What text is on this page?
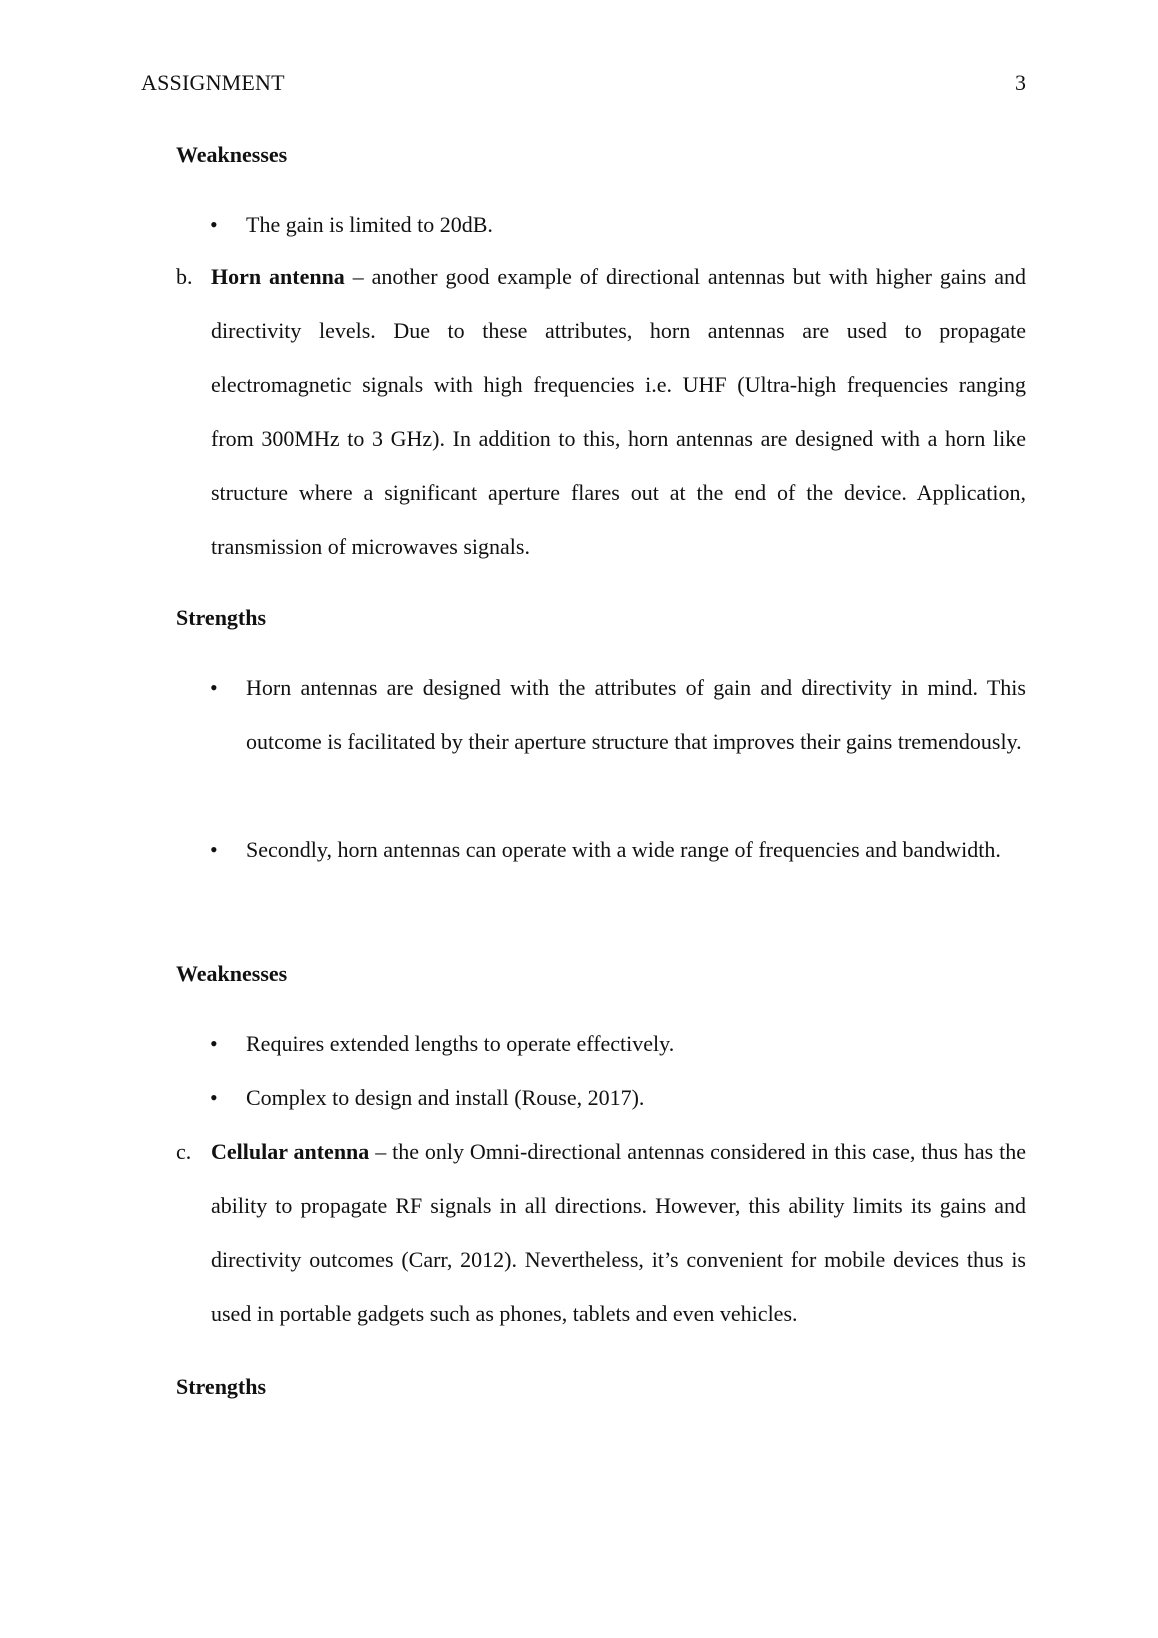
ASSIGNMENT	3
Weaknesses
• The gain is limited to 20dB.
b. Horn antenna – another good example of directional antennas but with higher gains and directivity levels. Due to these attributes, horn antennas are used to propagate electromagnetic signals with high frequencies i.e. UHF (Ultra-high frequencies ranging from 300MHz to 3 GHz). In addition to this, horn antennas are designed with a horn like structure where a significant aperture flares out at the end of the device. Application, transmission of microwaves signals.
Strengths
• Horn antennas are designed with the attributes of gain and directivity in mind. This outcome is facilitated by their aperture structure that improves their gains tremendously.
• Secondly, horn antennas can operate with a wide range of frequencies and bandwidth.
Weaknesses
• Requires extended lengths to operate effectively.
• Complex to design and install (Rouse, 2017).
c. Cellular antenna – the only Omni-directional antennas considered in this case, thus has the ability to propagate RF signals in all directions. However, this ability limits its gains and directivity outcomes (Carr, 2012). Nevertheless, it’s convenient for mobile devices thus is used in portable gadgets such as phones, tablets and even vehicles.
Strengths
